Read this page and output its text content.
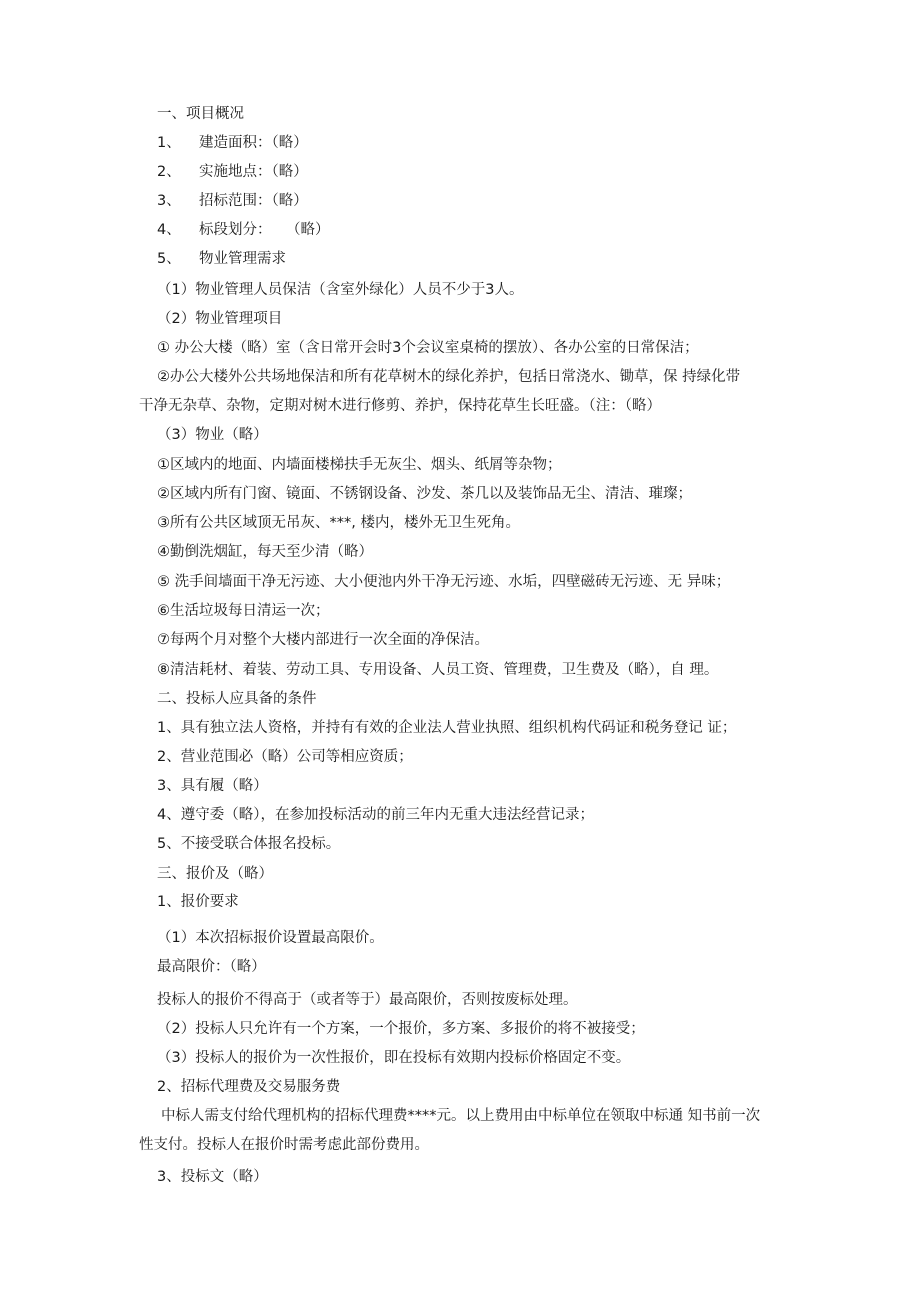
一、项目概况
1、 建造面积：（略）
2、 实施地点：（略）
3、 招标范围：（略）
4、 标段划分：　　（略）
5、 物业管理需求
（1）物业管理人员保洁（含室外绿化）人员不少于3人。
（2）物业管理项目
① 办公大楼（略）室（含日常开会时3个会议室桌椅的摆放）、各办公室的日常保洁；
②办公大楼外公共场地保洁和所有花草树木的绿化养护，包括日常浇水、锄草，保 持绿化带
干净无杂草、杂物，定期对树木进行修剪、养护，保持花草生长旺盛。（注：（略）
（3）物业（略）
①区域内的地面、内墙面楼梯扶手无灰尘、烟头、纸屑等杂物；
②区域内所有门窗、镜面、不锈钢设备、沙发、茶几以及装饰品无尘、清洁、璀璨；
③所有公共区域顶无吊灰、***, 楼内，楼外无卫生死角。
④勤倒洗烟缸，每天至少清（略）
⑤ 洗手间墙面干净无污迹、大小便池内外干净无污迹、水垢，四壁磁砖无污迹、无 异味；
⑥生活垃圾每日清运一次；
⑦每两个月对整个大楼内部进行一次全面的净保洁。
⑧清洁耗材、着装、劳动工具、专用设备、人员工资、管理费，卫生费及（略），自 理。
二、投标人应具备的条件
1、具有独立法人资格，并持有有效的企业法人营业执照、组织机构代码证和税务登记 证；
2、营业范围必（略）公司等相应资质；
3、具有履（略）
4、遵守委（略），在参加投标活动的前三年内无重大违法经营记录；
5、不接受联合体报名投标。
三、报价及（略）
1、报价要求
（1）本次招标报价设置最高限价。
最高限价：（略）
投标人的报价不得高于（或者等于）最高限价，否则按废标处理。
（2）投标人只允许有一个方案，一个报价，多方案、多报价的将不被接受；
（3）投标人的报价为一次性报价，即在投标有效期内投标价格固定不变。
2、招标代理费及交易服务费
中标人需支付给代理机构的招标代理费****元。以上费用由中标单位在领取中标通 知书前一次
性支付。投标人在报价时需考虑此部份费用。
3、投标文（略）
